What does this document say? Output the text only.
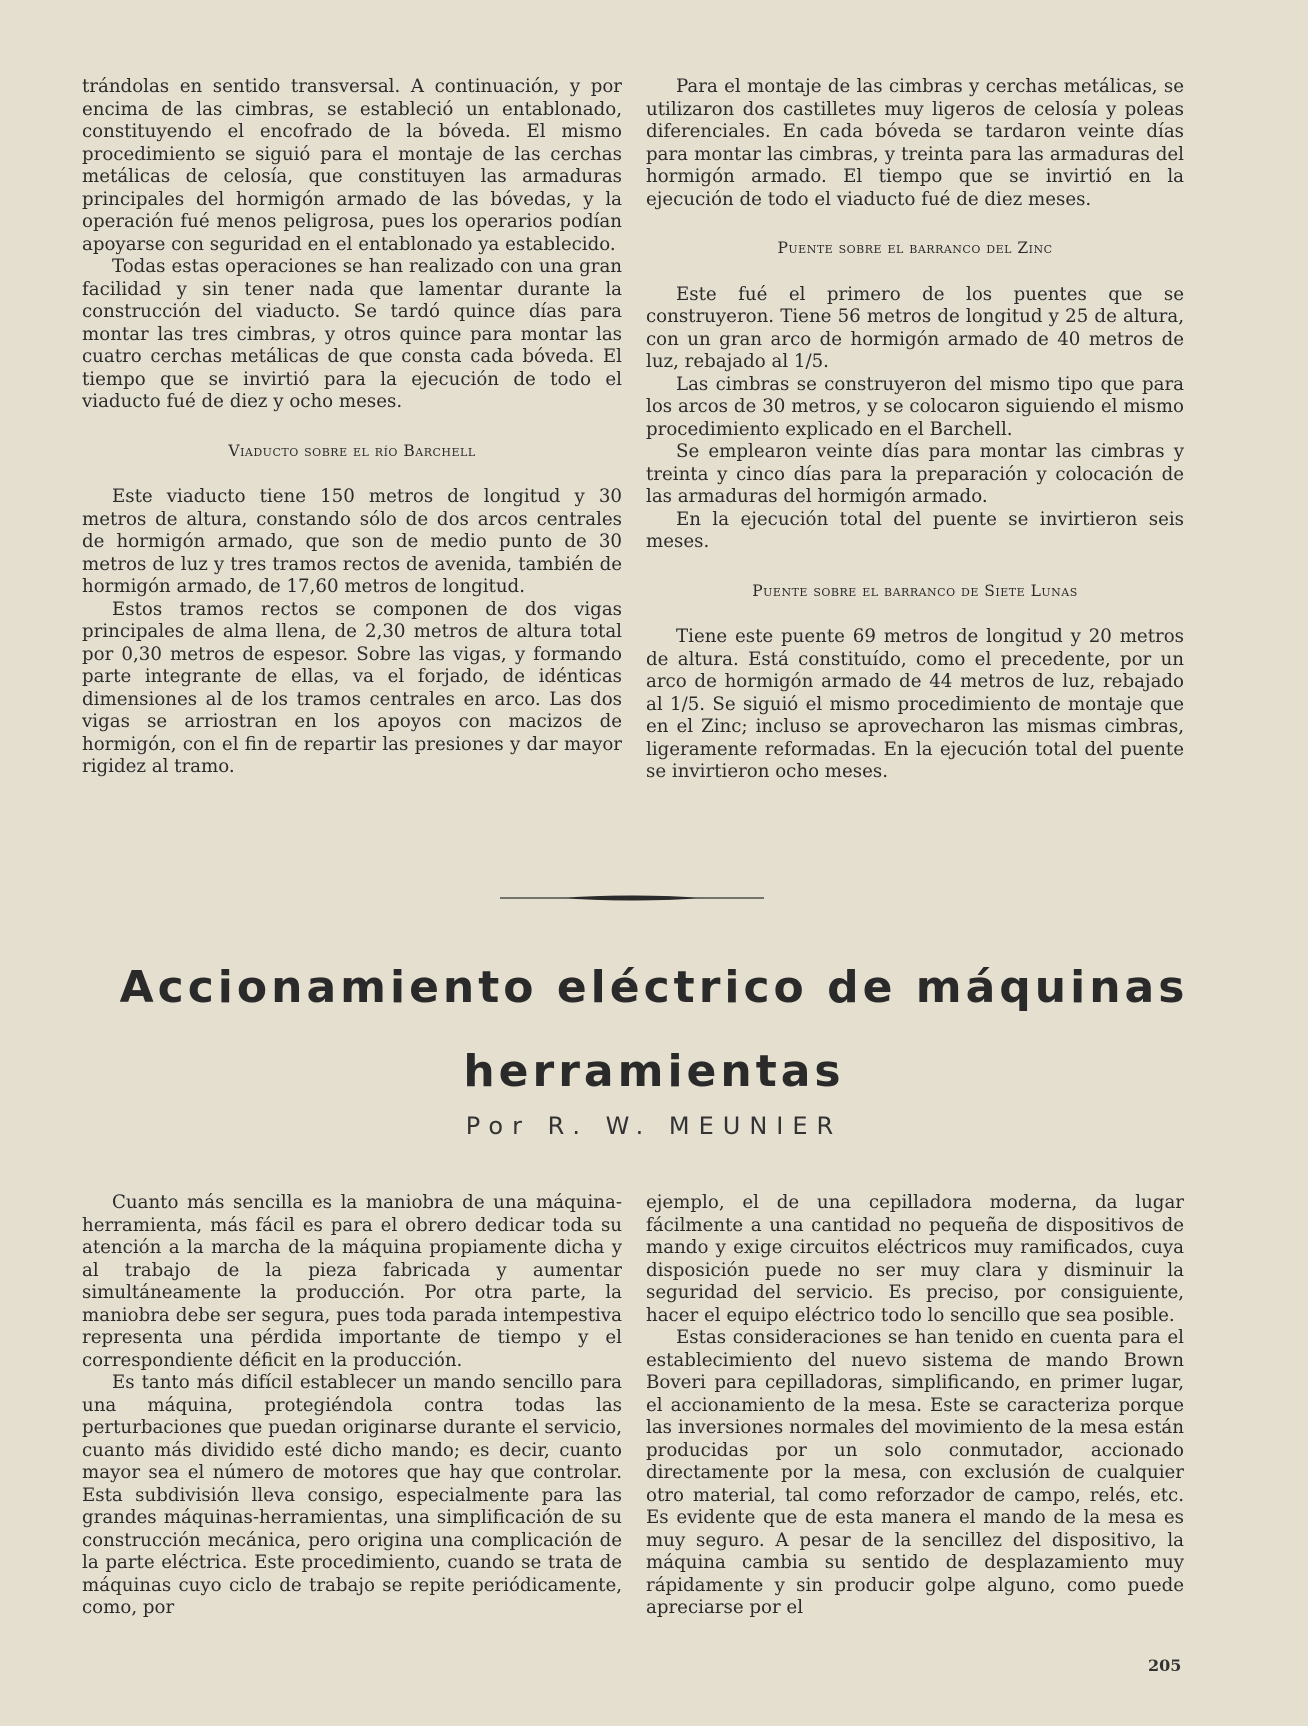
trándolas en sentido transversal. A continuación, y por encima de las cimbras, se estableció un entablonado, constituyendo el encofrado de la bóveda. El mismo procedimiento se siguió para el montaje de las cerchas metálicas de celosía, que constituyen las armaduras principales del hormigón armado de las bóvedas, y la operación fué menos peligrosa, pues los operarios podían apoyarse con seguridad en el entablonado ya establecido.

Todas estas operaciones se han realizado con una gran facilidad y sin tener nada que lamentar durante la construcción del viaducto. Se tardó quince días para montar las tres cimbras, y otros quince para montar las cuatro cerchas metálicas de que consta cada bóveda. El tiempo que se invirtió para la ejecución de todo el viaducto fué de diez y ocho meses.

Viaducto sobre el río Barchell

Este viaducto tiene 150 metros de longitud y 30 metros de altura, constando sólo de dos arcos centrales de hormigón armado, que son de medio punto de 30 metros de luz y tres tramos rectos de avenida, también de hormigón armado, de 17,60 metros de longitud.

Estos tramos rectos se componen de dos vigas principales de alma llena, de 2,30 metros de altura total por 0,30 metros de espesor. Sobre las vigas, y formando parte integrante de ellas, va el forjado, de idénticas dimensiones al de los tramos centrales en arco. Las dos vigas se arriostran en los apoyos con macizos de hormigón, con el fin de repartir las presiones y dar mayor rigidez al tramo.

Para el montaje de las cimbras y cerchas metálicas, se utilizaron dos castilletes muy ligeros de celosía y poleas diferenciales. En cada bóveda se tardaron veinte días para montar las cimbras, y treinta para las armaduras del hormigón armado. El tiempo que se invirtió en la ejecución de todo el viaducto fué de diez meses.

Puente sobre el barranco del Zinc

Este fué el primero de los puentes que se construyeron. Tiene 56 metros de longitud y 25 de altura, con un gran arco de hormigón armado de 40 metros de luz, rebajado al 1/5.

Las cimbras se construyeron del mismo tipo que para los arcos de 30 metros, y se colocaron siguiendo el mismo procedimiento explicado en el Barchell.

Se emplearon veinte días para montar las cimbras y treinta y cinco días para la preparación y colocación de las armaduras del hormigón armado.

En la ejecución total del puente se invirtieron seis meses.

Puente sobre el barranco de Siete Lunas

Tiene este puente 69 metros de longitud y 20 metros de altura. Está constituído, como el precedente, por un arco de hormigón armado de 44 metros de luz, rebajado al 1/5. Se siguió el mismo procedimiento de montaje que en el Zinc; incluso se aprovecharon las mismas cimbras, ligeramente reformadas. En la ejecución total del puente se invirtieron ocho meses.

Accionamiento eléctrico de máquinas
herramientas
Por R. W. MEUNIER

Cuanto más sencilla es la maniobra de una máquina-herramienta, más fácil es para el obrero dedicar toda su atención a la marcha de la máquina propiamente dicha y al trabajo de la pieza fabricada y aumentar simultáneamente la producción. Por otra parte, la maniobra debe ser segura, pues toda parada intempestiva representa una pérdida importante de tiempo y el correspondiente déficit en la producción.

Es tanto más difícil establecer un mando sencillo para una máquina, protegiéndola contra todas las perturbaciones que puedan originarse durante el servicio, cuanto más dividido esté dicho mando; es decir, cuanto mayor sea el número de motores que hay que controlar. Esta subdivisión lleva consigo, especialmente para las grandes máquinas-herramientas, una simplificación de su construcción mecánica, pero origina una complicación de la parte eléctrica. Este procedimiento, cuando se trata de máquinas cuyo ciclo de trabajo se repite periódicamente, como, por

ejemplo, el de una cepilladora moderna, da lugar fácilmente a una cantidad no pequeña de dispositivos de mando y exige circuitos eléctricos muy ramificados, cuya disposición puede no ser muy clara y disminuir la seguridad del servicio. Es preciso, por consiguiente, hacer el equipo eléctrico todo lo sencillo que sea posible.

Estas consideraciones se han tenido en cuenta para el establecimiento del nuevo sistema de mando Brown Boveri para cepilladoras, simplificando, en primer lugar, el accionamiento de la mesa. Este se caracteriza porque las inversiones normales del movimiento de la mesa están producidas por un solo conmutador, accionado directamente por la mesa, con exclusión de cualquier otro material, tal como reforzador de campo, relés, etc. Es evidente que de esta manera el mando de la mesa es muy seguro. A pesar de la sencillez del dispositivo, la máquina cambia su sentido de desplazamiento muy rápidamente y sin producir golpe alguno, como puede apreciarse por el

205
